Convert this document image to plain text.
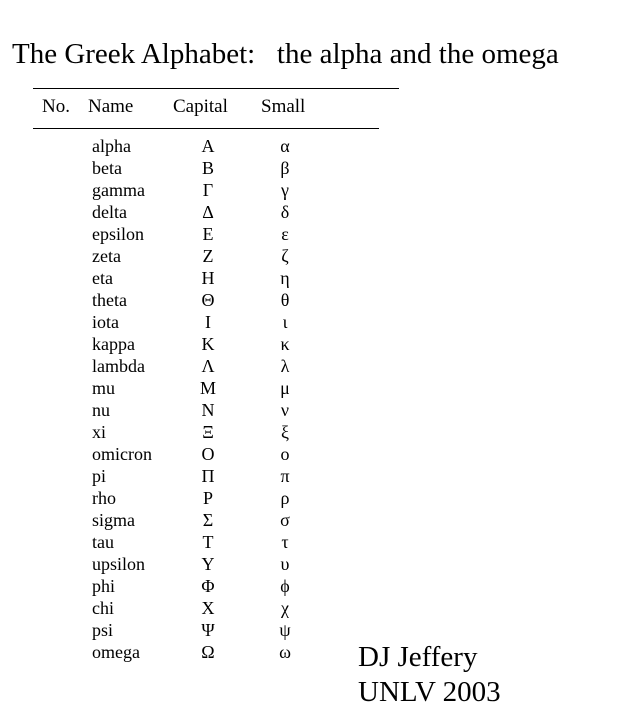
The Greek Alphabet:   the alpha and the omega
No. Name Capital Small
alpha	Α	α
beta	Β	β
gamma	Γ	γ
delta	Δ	δ
epsilon	Ε	ε
zeta	Ζ	ζ
eta	Η	η
theta	Θ	θ
iota	Ι	ι
kappa	Κ	κ
lambda	Λ	λ
mu	Μ	μ
nu	Ν	ν
xi	Ξ	ξ
omicron	Ο	ο
pi	Π	π
rho	Ρ	ρ
sigma	Σ	σ
tau	Τ	τ
upsilon	Υ	υ
phi	Φ	ϕ
chi	Χ	χ
psi	Ψ	ψ
omega	Ω	ω DJ Jeffery
UNLV 2003
